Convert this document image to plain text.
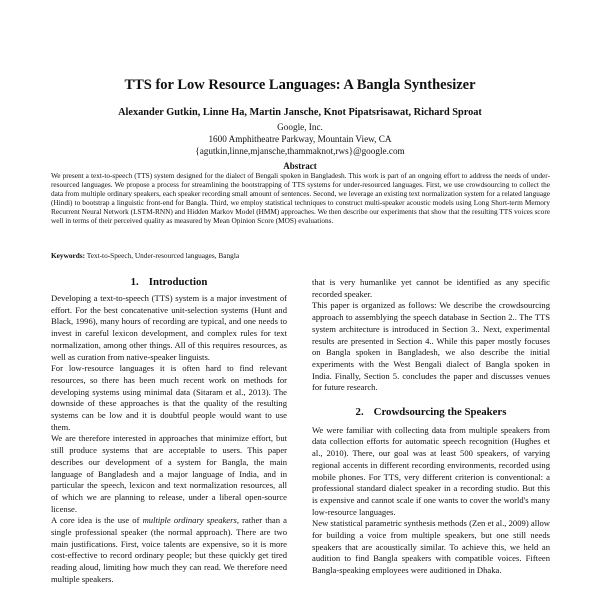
TTS for Low Resource Languages: A Bangla Synthesizer
Alexander Gutkin, Linne Ha, Martin Jansche, Knot Pipatsrisawat, Richard Sproat
Google, Inc.
1600 Amphitheatre Parkway, Mountain View, CA
{agutkin,linne,mjansche,thammaknot,rws}@google.com
Abstract
We present a text-to-speech (TTS) system designed for the dialect of Bengali spoken in Bangladesh. This work is part of an ongoing effort to address the needs of under-resourced languages. We propose a process for streamlining the bootstrapping of TTS systems for under-resourced languages. First, we use crowdsourcing to collect the data from multiple ordinary speakers, each speaker recording small amount of sentences. Second, we leverage an existing text normalization system for a related language (Hindi) to bootstrap a linguistic front-end for Bangla. Third, we employ statistical techniques to construct multi-speaker acoustic models using Long Short-term Memory Recurrent Neural Network (LSTM-RNN) and Hidden Markov Model (HMM) approaches. We then describe our experiments that show that the resulting TTS voices score well in terms of their perceived quality as measured by Mean Opinion Score (MOS) evaluations.
Keywords: Text-to-Speech, Under-resourced languages, Bangla
1. Introduction

Developing a text-to-speech (TTS) system is a major investment of effort. For the best concatenative unit-selection systems (Hunt and Black, 1996), many hours of recording are typical, and one needs to invest in careful lexicon development, and complex rules for text normalization, among other things. All of this requires resources, as well as curation from native-speaker linguists.

For low-resource languages it is often hard to find relevant resources, so there has been much recent work on methods for developing systems using minimal data (Sitaram et al., 2013). The downside of these approaches is that the quality of the resulting systems can be low and it is doubtful people would want to use them.

We are therefore interested in approaches that minimize effort, but still produce systems that are acceptable to users. This paper describes our development of a system for Bangla, the main language of Bangladesh and a major language of India, and in particular the speech, lexicon and text normalization resources, all of which we are planning to release, under a liberal open-source license.

A core idea is the use of multiple ordinary speakers, rather than a single professional speaker (the normal approach). There are two main justifications. First, voice talents are expensive, so it is more cost-effective to record ordinary people; but these quickly get tired reading aloud, limiting how much they can read. We therefore need multiple speakers.

that is very humanlike yet cannot be identified as any specific recorded speaker.

This paper is organized as follows: We describe the crowdsourcing approach to assemblying the speech database in Section 2.. The TTS system architecture is introduced in Section 3.. Next, experimental results are presented in Section 4.. While this paper mostly focuses on Bangla spoken in Bangladesh, we also describe the initial experiments with the West Bengali dialect of Bangla spoken in India. Finally, Section 5. concludes the paper and discusses venues for future research.

2. Crowdsourcing the Speakers

We were familiar with collecting data from multiple speakers from data collection efforts for automatic speech recognition (Hughes et al., 2010). There, our goal was at least 500 speakers, of varying regional accents in different recording environments, recorded using mobile phones. For TTS, very different criterion is conventional: a professional standard dialect speaker in a recording studio. But this is expensive and cannot scale if one wants to cover the world's many low-resource languages.

New statistical parametric synthesis methods (Zen et al., 2009) allow for building a voice from multiple speakers, but one still needs speakers that are acoustically similar. To achieve this, we held an audition to find Bangla speakers with compatible voices. Fifteen Bangla-speaking employees were auditioned in Dhaka.
